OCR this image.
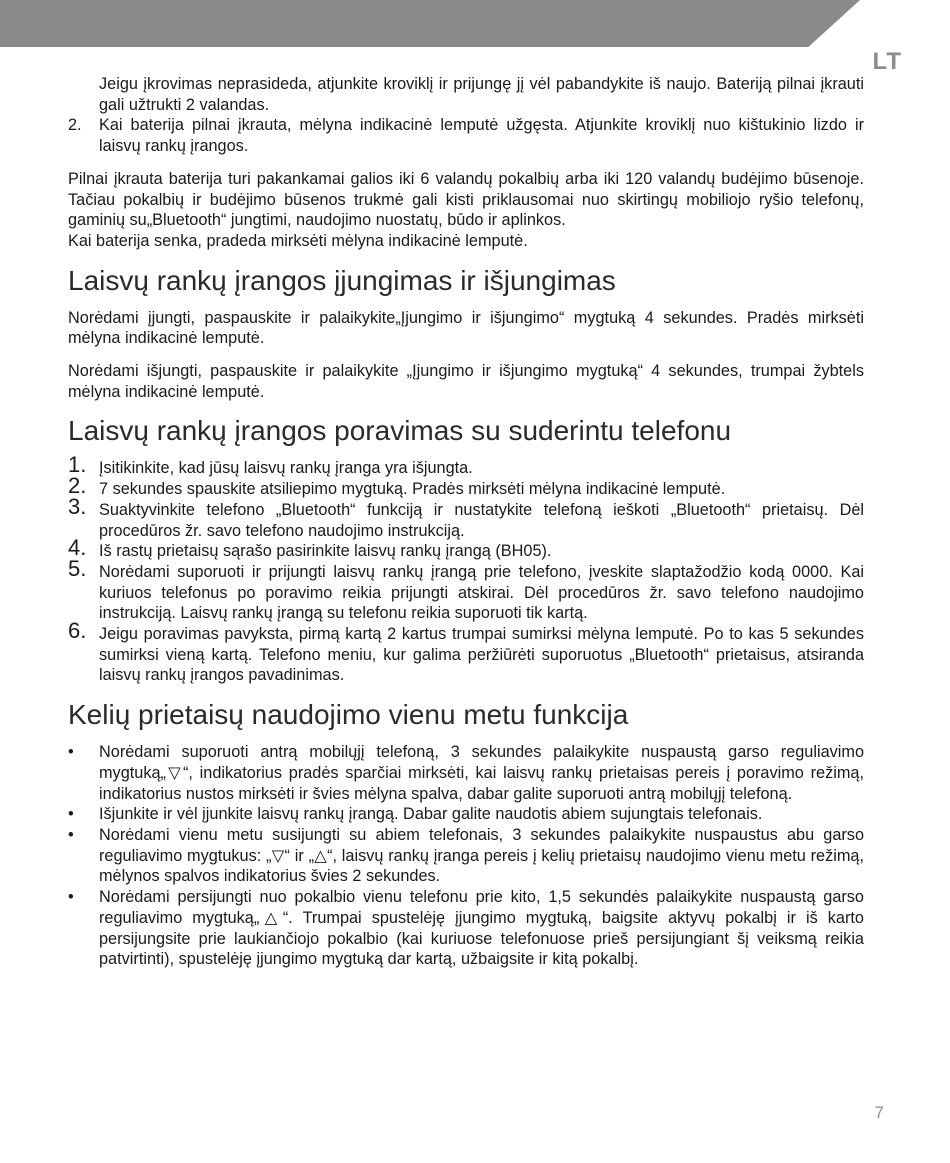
LT

Jeigu įkrovimas neprasideda, atjunkite kroviklį ir prijungę jį vėl pabandykite iš naujo. Bateriją pilnai įkrauti gali užtrukti 2 valandas.

2. Kai baterija pilnai įkrauta, mėlyna indikacinė lemputė užgęsta. Atjunkite kroviklį nuo kištukinio lizdo ir laisvų rankų įrangos.

Pilnai įkrauta baterija turi pakankamai galios iki 6 valandų pokalbių arba iki 120 valandų budėjimo būsenoje. Tačiau pokalbių ir budėjimo būsenos trukmė gali kisti priklausomai nuo skirtingų mobiliojo ryšio telefonų, gaminių su„Bluetooth“ jungtimi, naudojimo nuostatų, būdo ir aplinkos.

Kai baterija senka, pradeda mirksėti mėlyna indikacinė lemputė.

Laisvų rankų įrangos įjungimas ir išjungimas

Norėdami įjungti, paspauskite ir palaikykite„Įjungimo ir išjungimo“ mygtuką 4 sekundes. Pradės mirksėti mėlyna indikacinė lemputė.

Norėdami išjungti, paspauskite ir palaikykite „Įjungimo ir išjungimo mygtuką“ 4 sekundes, trumpai žybtels mėlyna indikacinė lemputė.

Laisvų rankų įrangos poravimas su suderintu telefonu
1. Įsitikinkite, kad jūsų laisvų rankų įranga yra išjungta.
2. 7 sekundes spauskite atsiliepimo mygtuką. Pradės mirksėti mėlyna indikacinė lemputė.
3. Suaktyvinkite telefono „Bluetooth“ funkciją ir nustatykite telefoną ieškoti „Bluetooth“ prietaisų. Dėl procedūros žr. savo telefono naudojimo instrukciją.
4. Iš rastų prietaisų sąrašo pasirinkite laisvų rankų įrangą (BH05).
5. Norėdami suporuoti ir prijungti laisvų rankų įrangą prie telefono, įveskite slaptažodžio kodą 0000. Kai kuriuos telefonus po poravimo reikia prijungti atskirai. Dėl procedūros žr. savo telefono naudojimo instrukciją. Laisvų rankų įrangą su telefonu reikia suporuoti tik kartą.
6. Jeigu poravimas pavyksta, pirmą kartą 2 kartus trumpai sumirksi mėlyna lemputė. Po to kas 5 sekundes sumirksi vieną kartą. Telefono meniu, kur galima peržiūrėti suporuotus „Bluetooth“ prietaisus, atsiranda laisvų rankų įrangos pavadinimas.
Kelių prietaisų naudojimo vienu metu funkcija
• Norėdami suporuoti antrą mobilųjį telefoną, 3 sekundes palaikykite nuspaustą garso reguliavimo mygtuką„▽“, indikatorius pradės sparčiai mirksėti, kai laisvų rankų prietaisas pereis į poravimo režimą, indikatorius nustos mirksėti ir švies mėlyna spalva, dabar galite suporuoti antrą mobilųjį telefoną.
• Išjunkite ir vėl įjunkite laisvų rankų įrangą. Dabar galite naudotis abiem sujungtais telefonais.
• Norėdami vienu metu susijungti su abiem telefonais, 3 sekundes palaikykite nuspaustus abu garso reguliavimo mygtukus: „▽“ ir „△“, laisvų rankų įranga pereis į kelių prietaisų naudojimo vienu metu režimą, mėlynos spalvos indikatorius švies 2 sekundes.
• Norėdami persijungti nuo pokalbio vienu telefonu prie kito, 1,5 sekundės palaikykite nuspaustą garso reguliavimo mygtuką„△“. Trumpai spustelėję įjungimo mygtuką, baigsite aktyvų pokalbį ir iš karto persijungsite prie laukiančiojo pokalbio (kai kuriuose telefonuose prieš persijungiant šį veiksmą reikia patvirtinti), spustelėję įjungimo mygtuką dar kartą, užbaigsite ir kitą pokalbį.
7
